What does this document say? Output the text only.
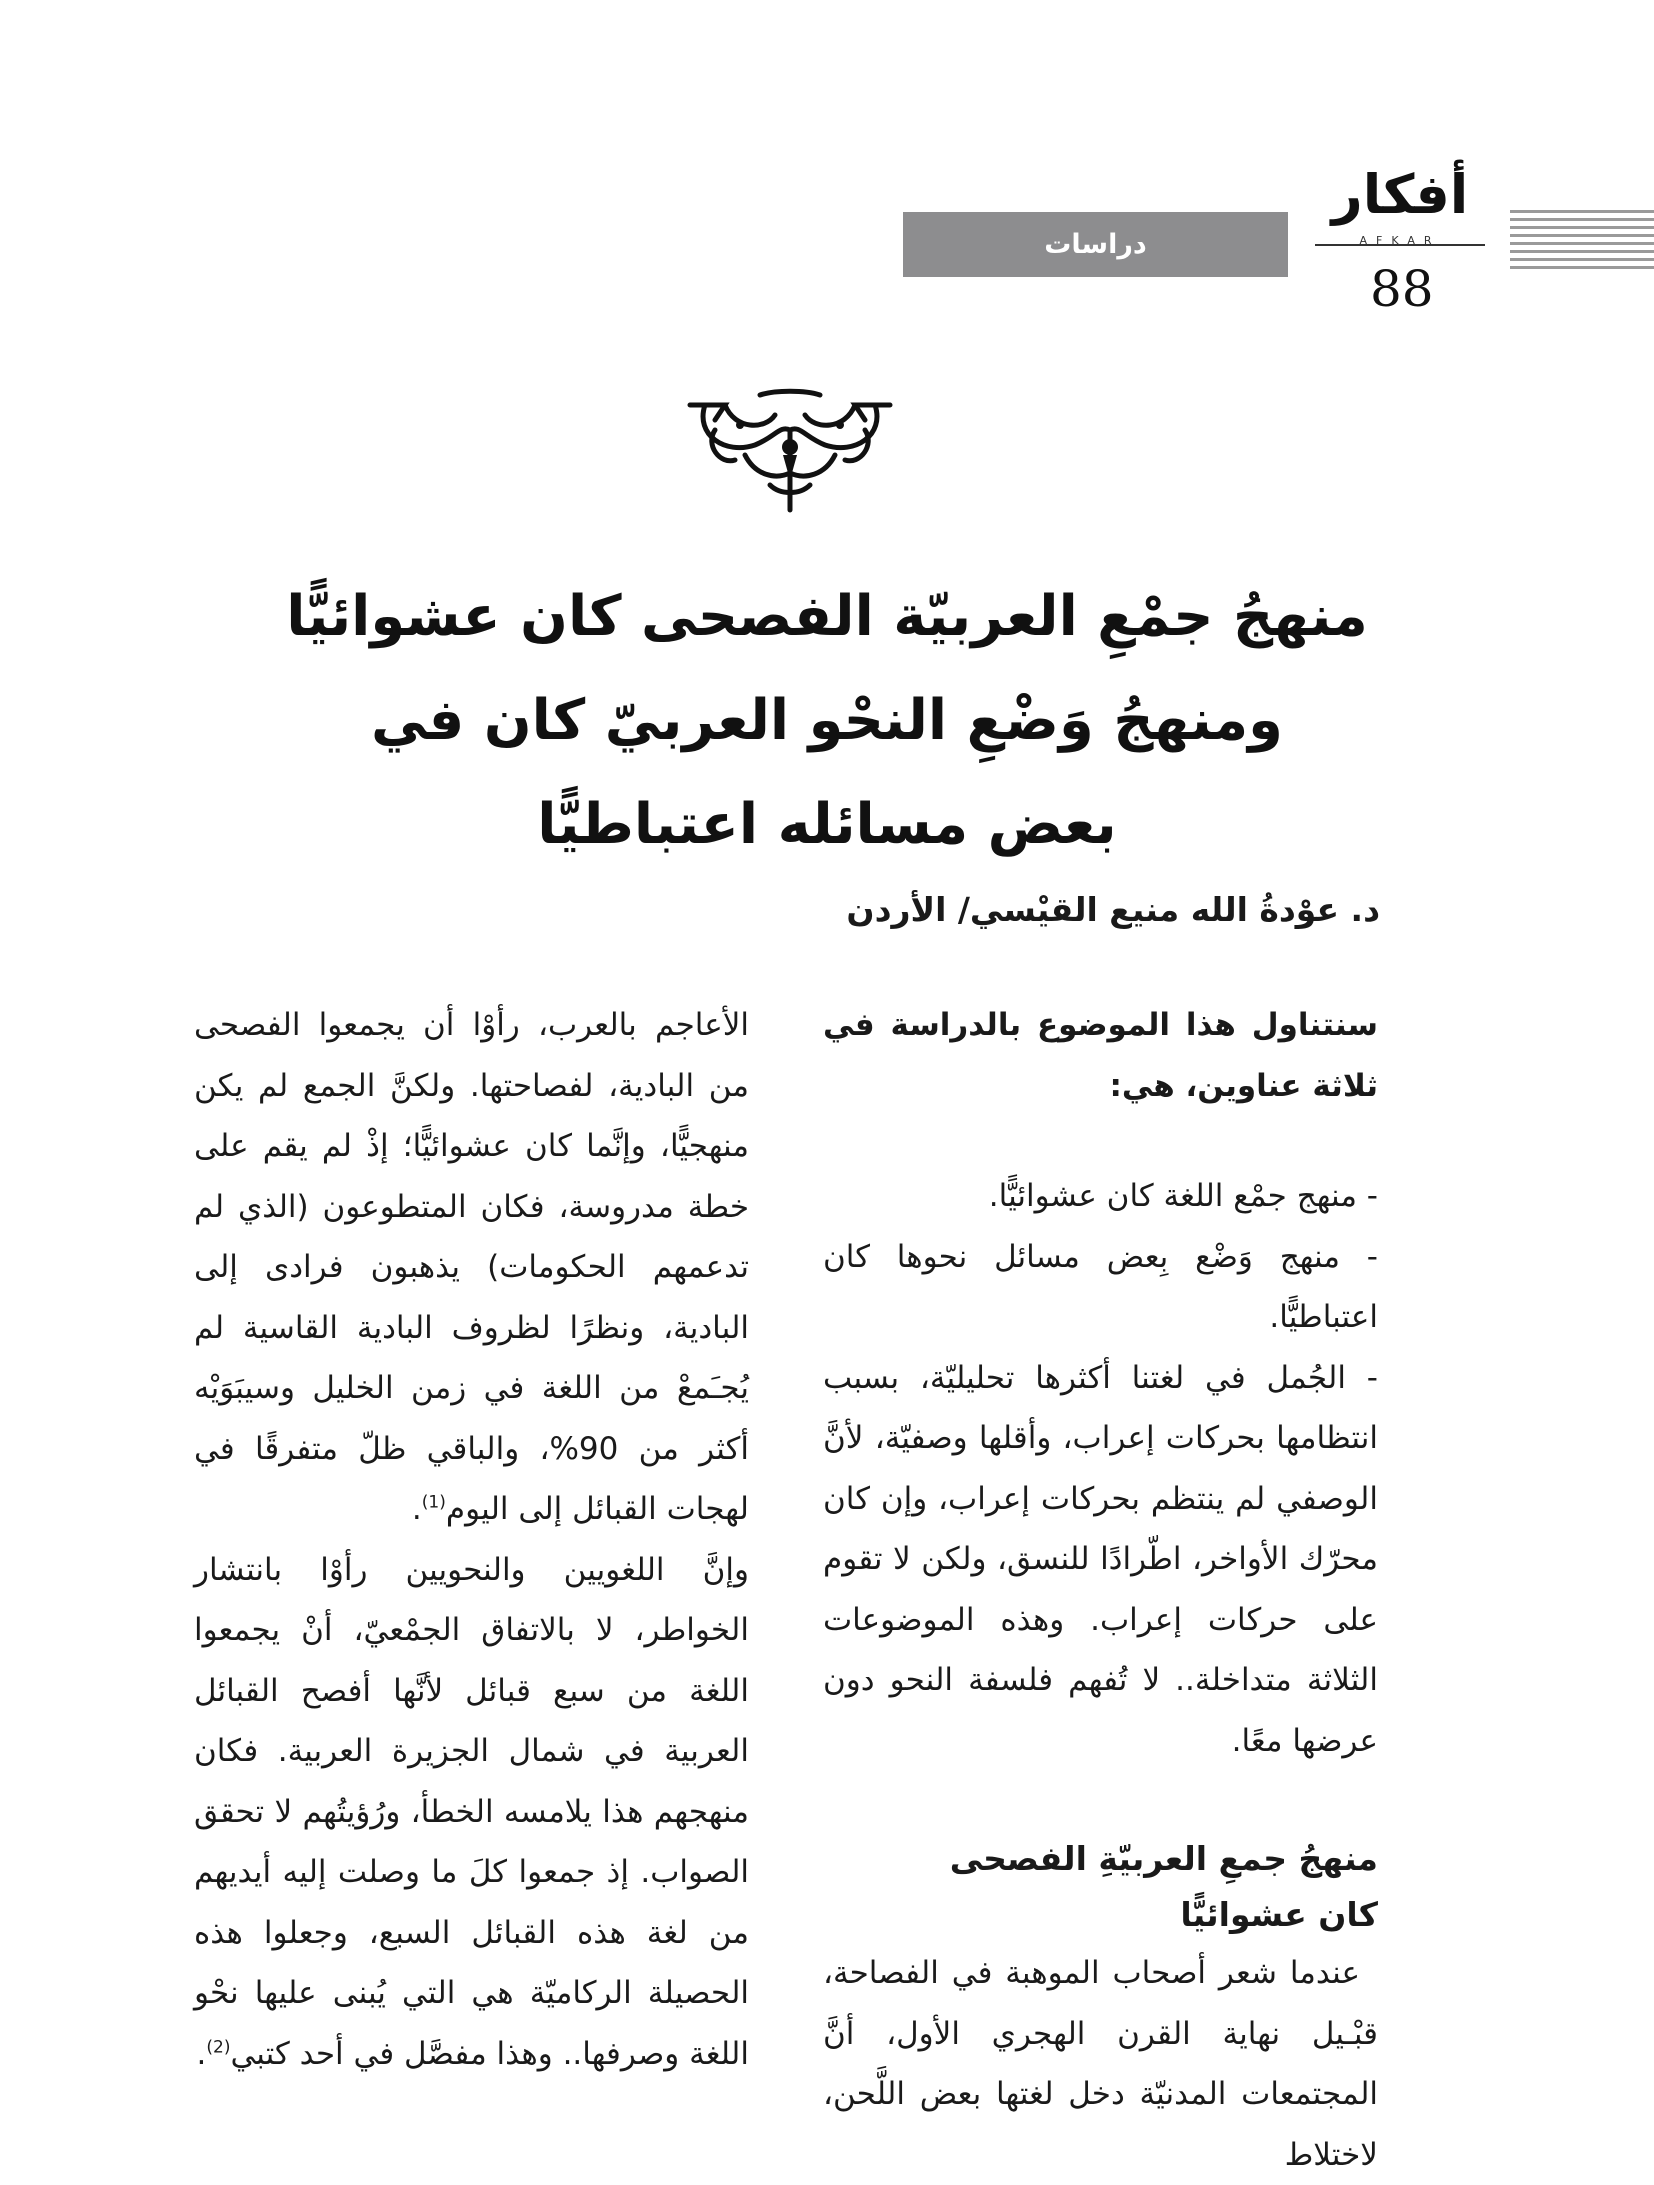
دراسات
أفكار
AFKAR
88
منهجُ جمْعِ العربيّة الفصحى كان عشوائيًّا
ومنهجُ وَضْعِ النحْو العربيّ كان في
بعض مسائله اعتباطيًّا
د. عوْدةُ الله منيع القيْسي/ الأردن

سنتناول هذا الموضوع بالدراسة في ثلاثة عناوين، هي:

- منهج جمْع اللغة كان عشوائيًّا.

- منهج وَضْع بِعض مسائل نحوها كان اعتباطيًّا.

- الجُمل في لغتنا أكثرها تحليليّة، بسبب انتظامها بحركات إعراب، وأقلها وصفيّة، لأنَّ الوصفي لم ينتظم بحركات إعراب، وإن كان محرّك الأواخر، اطّرادًا للنسق، ولكن لا تقوم على حركات إعراب. وهذه الموضوعات الثلاثة متداخلة.. لا تُفهم فلسفة النحو دون عرضها معًا.

منهجُ جمعِ العربيّةِ الفصحى
كان عشوائيًّا

عندما شعر أصحاب الموهبة في الفصاحة، قبْـيل نهاية القرن الهجري الأول، أنَّ المجتمعات المدنيّة دخل لغتها بعض اللَّحن، لاختلاط

الأعاجم بالعرب، رأوْا أن يجمعوا الفصحى من البادية، لفصاحتها. ولكنَّ الجمع لم يكن منهجيًّا، وإنَّما كان عشوائيًّا؛ إذْ لم يقم على خطة مدروسة، فكان المتطوعون (الذي لم تدعمهم الحكومات) يذهبون فرادى إلى البادية، ونظرًا لظروف البادية القاسية لم يُجـَمعْ من اللغة في زمن الخليل وسيبَوَيْه أكثر من 90%، والباقي ظلّ متفرقًا في لهجات القبائل إلى اليوم$^{(1)}$.

وإنَّ اللغويين والنحويين رأوْا بانتشار الخواطر، لا بالاتفاق الجمْعيّ، أنْ يجمعوا اللغة من سبع قبائل لأنَّها أفصح القبائل العربية في شمال الجزيرة العربية. فكان منهجهم هذا يلامسه الخطأ، ورُؤيتُهم لا تحقق الصواب. إذ جمعوا كلَ ما وصلت إليه أيديهم من لغة هذه القبائل السبع، وجعلوا هذه الحصيلة الركاميّة هي التي يُبنى عليها نحْو اللغة وصرفها.. وهذا مفصَّل في أحد كتبي$^{(2)}$.
